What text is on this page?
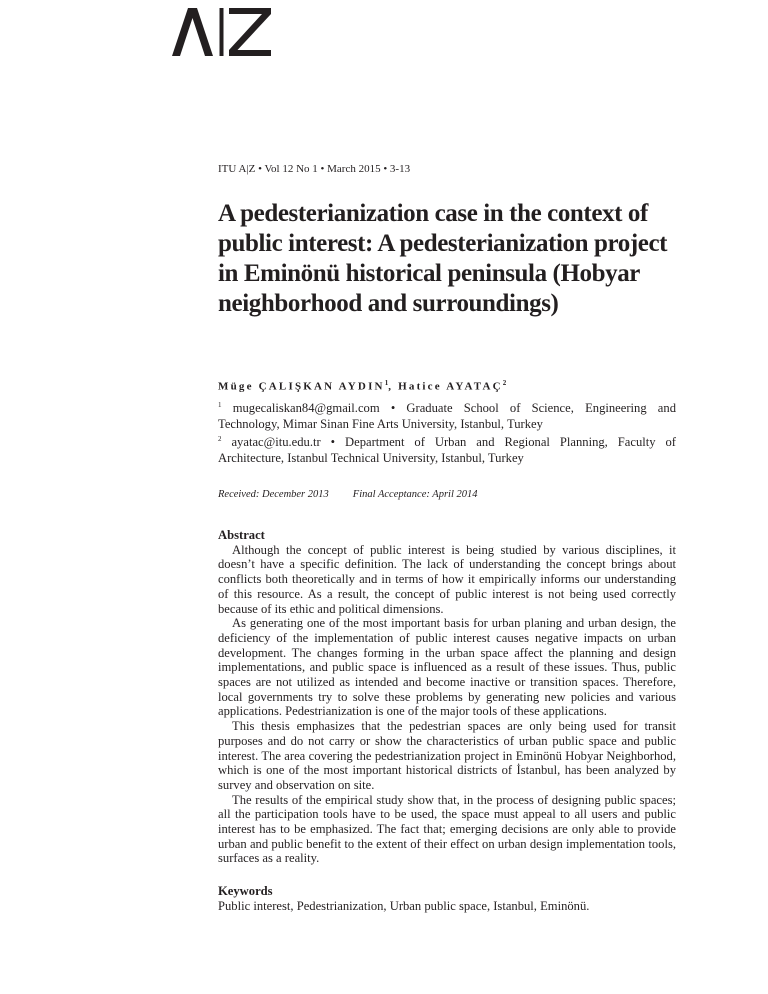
ITU A|Z • Vol 12 No 1 • March 2015 • 3-13
A pedesterianization case in the context of public interest: A pedesterianization project in Eminönü historical peninsula (Hobyar neighborhood and surroundings)
Müge ÇALIŞKAN AYDIN$^1$, Hatice AYATAÇ$^2$

$^1$ mugecaliskan84@gmail.com • Graduate School of Science, Engineering and Technology, Mimar Sinan Fine Arts University, Istanbul, Turkey

$^2$ ayatac@itu.edu.tr • Department of Urban and Regional Planning, Faculty of Architecture, Istanbul Technical University, Istanbul, Turkey

Received: December 2013 Final Acceptance: April 2014

Abstract

Although the concept of public interest is being studied by various disciplines, it doesn’t have a specific definition. The lack of understanding the concept brings about conflicts both theoretically and in terms of how it empirically informs our understanding of this resource. As a result, the concept of public interest is not being used correctly because of its ethic and political dimensions.

As generating one of the most important basis for urban planing and urban design, the deficiency of the implementation of public interest causes negative impacts on urban development. The changes forming in the urban space affect the planning and design implementations, and public space is influenced as a result of these issues. Thus, public spaces are not utilized as intended and become inactive or transition spaces. Therefore, local governments try to solve these problems by generating new policies and various applications. Pedestrianization is one of the major tools of these applications.

This thesis emphasizes that the pedestrian spaces are only being used for transit purposes and do not carry or show the characteristics of urban public space and public interest. The area covering the pedestrianization project in Eminönü Hobyar Neighborhod, which is one of the most important historical districts of İstanbul, has been analyzed by survey and observation on site.

The results of the empirical study show that, in the process of designing public spaces; all the participation tools have to be used, the space must appeal to all users and public interest has to be emphasized. The fact that; emerging decisions are only able to provide urban and public benefit to the extent of their effect on urban design implementation tools, surfaces as a reality.

Keywords

Public interest, Pedestrianization, Urban public space, Istanbul, Eminönü.
